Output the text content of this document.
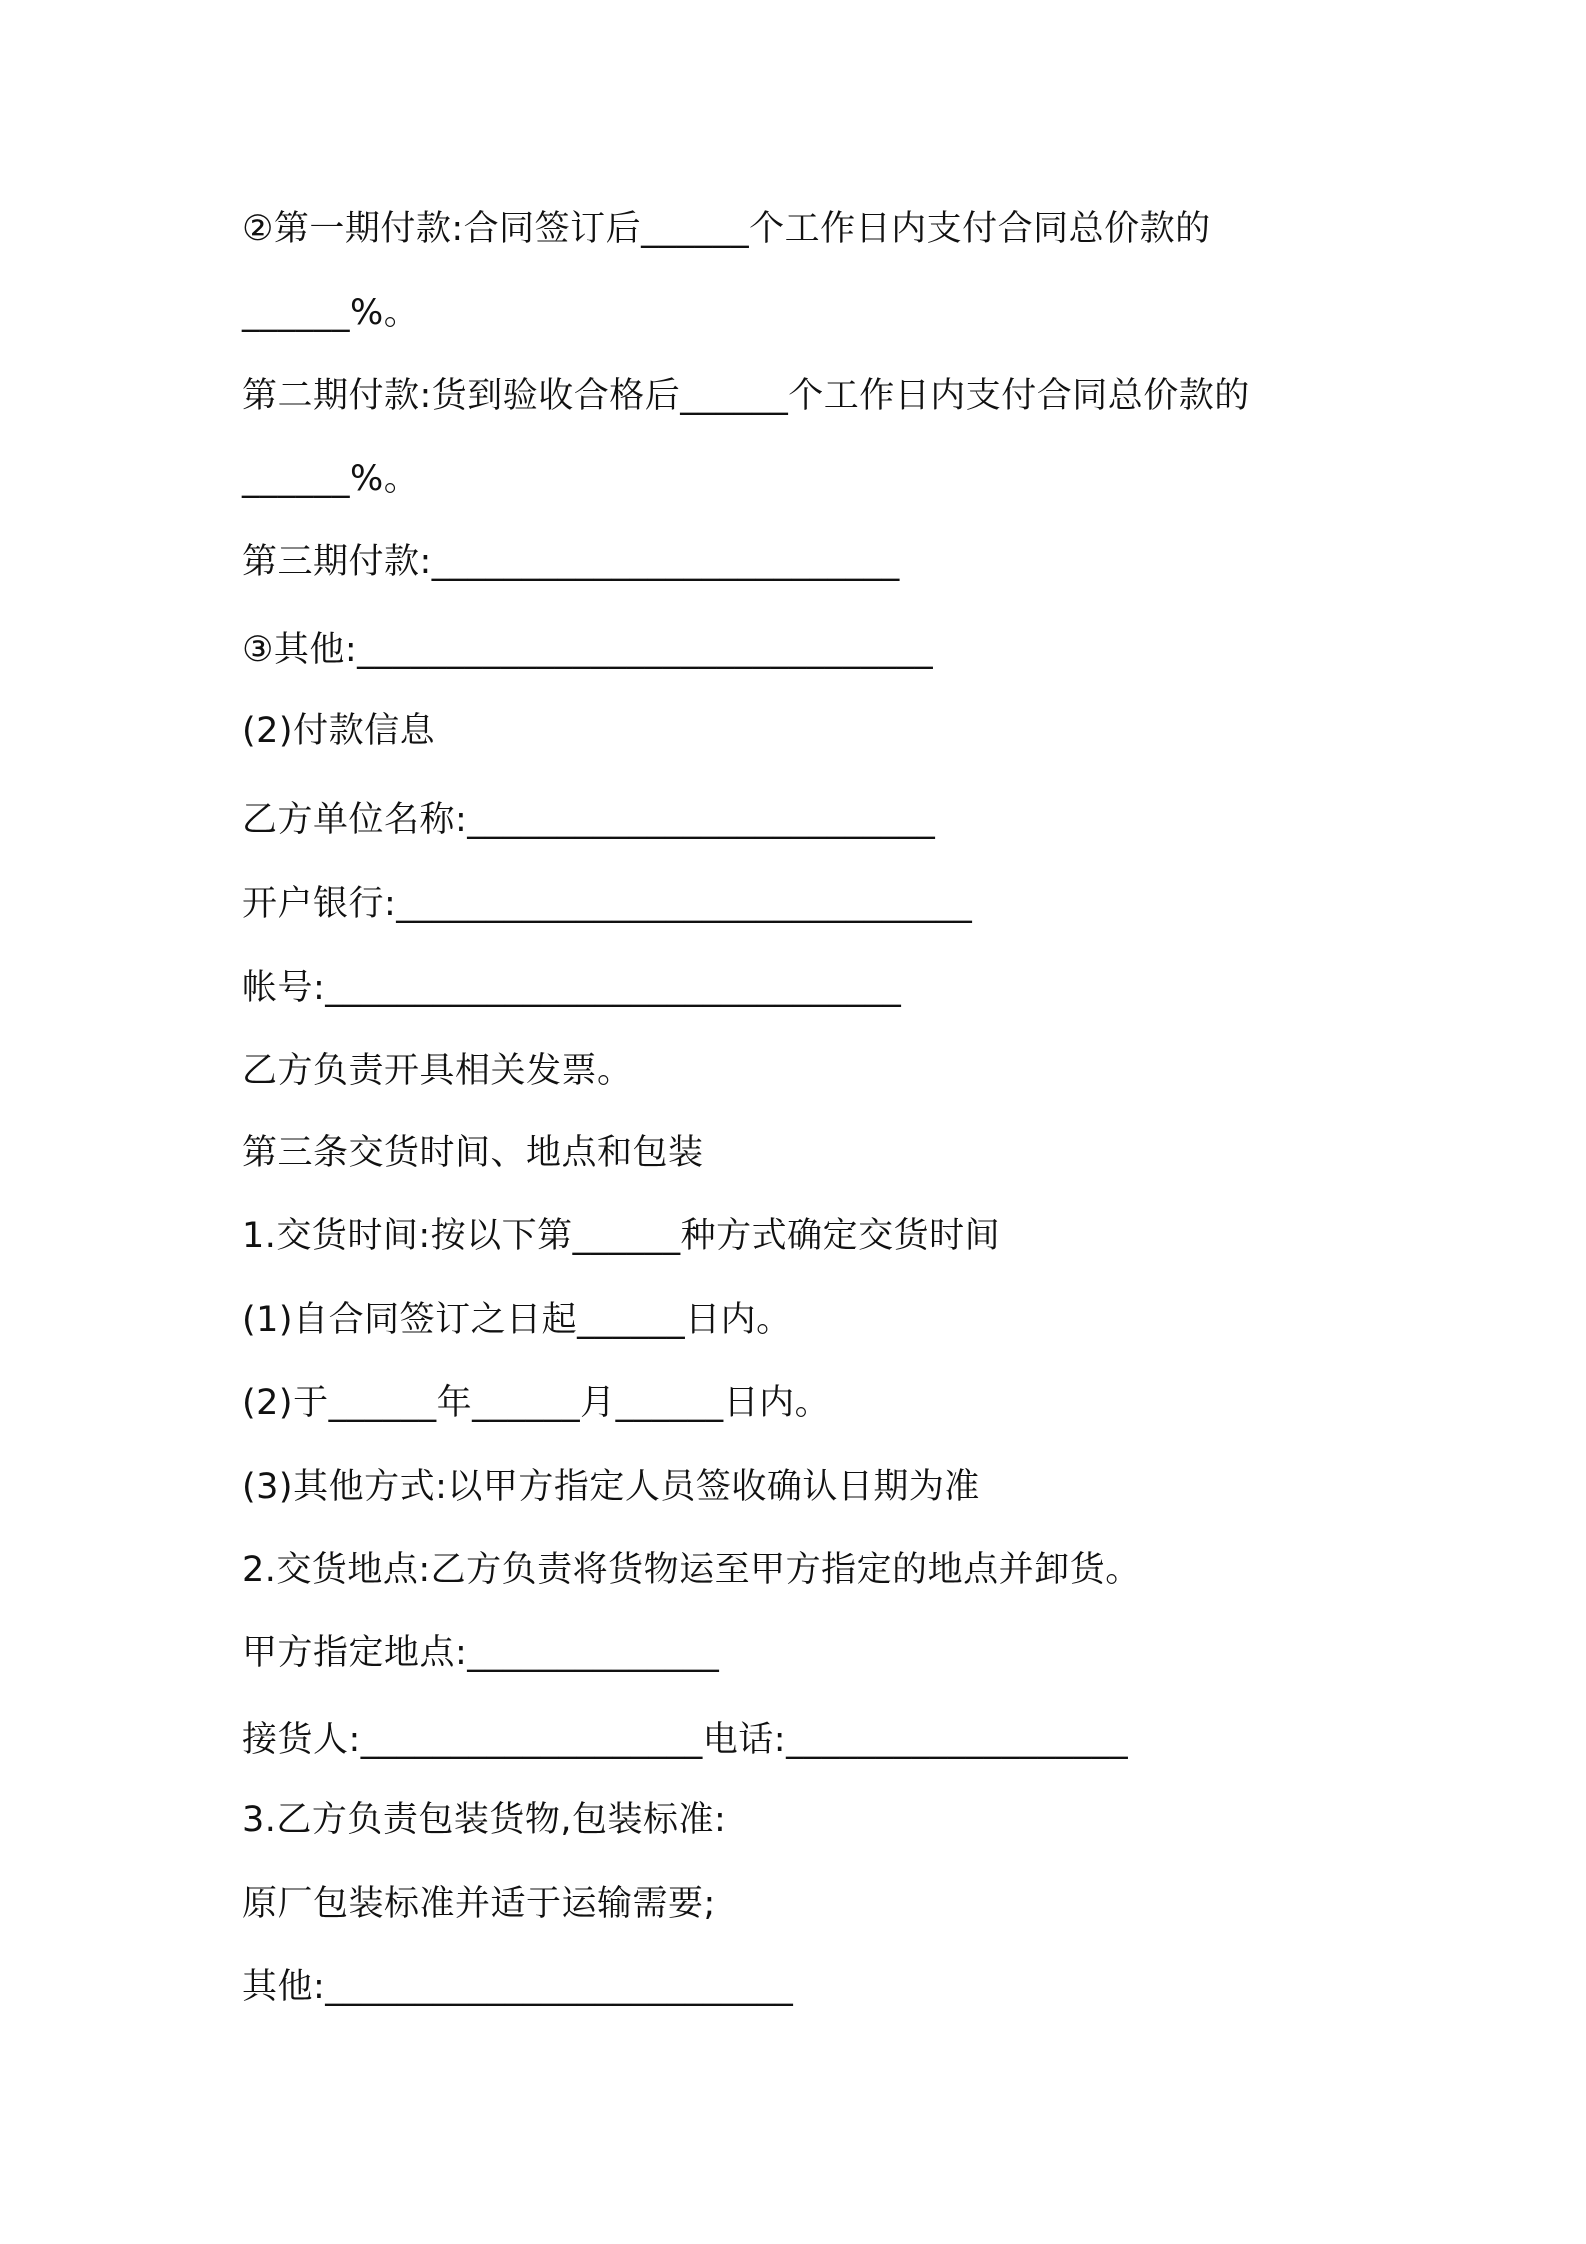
②第一期付款:合同签订后______个工作日内支付合同总价款的
______%。
第二期付款:货到验收合格后______个工作日内支付合同总价款的
______%。
第三期付款:__________________________
③其他:________________________________
(2)付款信息
乙方单位名称:__________________________
开户银行:________________________________
帐号:________________________________
乙方负责开具相关发票。
第三条交货时间、地点和包装
1.交货时间:按以下第______种方式确定交货时间
(1)自合同签订之日起______日内。
(2)于______年______月______日内。
(3)其他方式:以甲方指定人员签收确认日期为准
2.交货地点:乙方负责将货物运至甲方指定的地点并卸货。
甲方指定地点:______________
接货人:___________________电话:___________________
3.乙方负责包装货物,包装标准:
原厂包装标准并适于运输需要;
其他:__________________________
